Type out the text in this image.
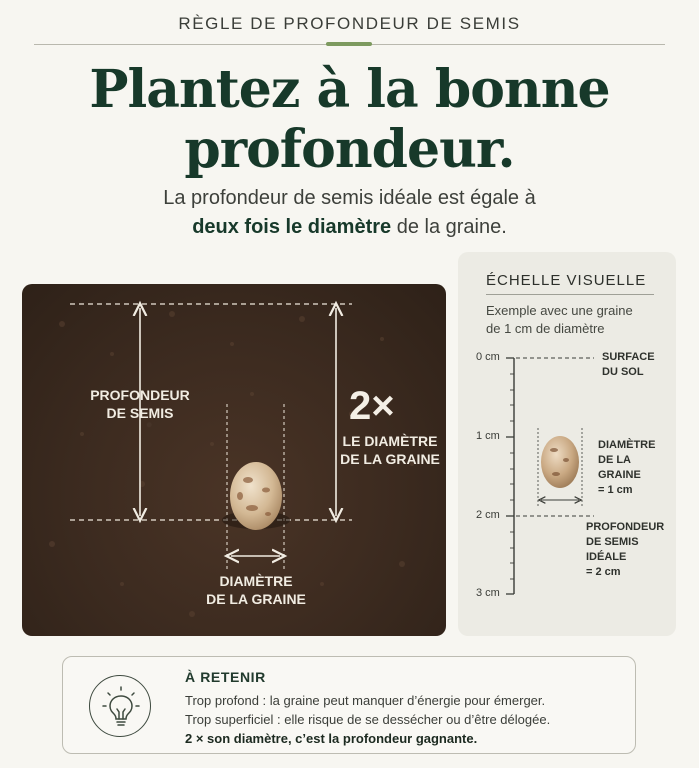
RÈGLE DE PROFONDEUR DE SEMIS
Plantez à la bonne
profondeur.
La profondeur de semis idéale est égale à
deux fois le diamètre de la graine.
PROFONDEUR
DE SEMIS	2×
LE DIAMÈTRE
DE LA GRAINE
DIAMÈTRE
DE LA GRAINE
ÉCHELLE VISUELLE
Exemple avec une graine
de 1 cm de diamètre
0 cm
1 cm
2 cm
3 cm
SURFACE
DU SOL
DIAMÈTRE
DE LA GRAINE
= 1 cm
PROFONDEUR
DE SEMIS IDÉALE
= 2 cm
À RETENIR
Trop profond : la graine peut manquer d’énergie pour émerger.
Trop superficiel : elle risque de se dessécher ou d’être délogée.
2 × son diamètre, c’est la profondeur gagnante.
